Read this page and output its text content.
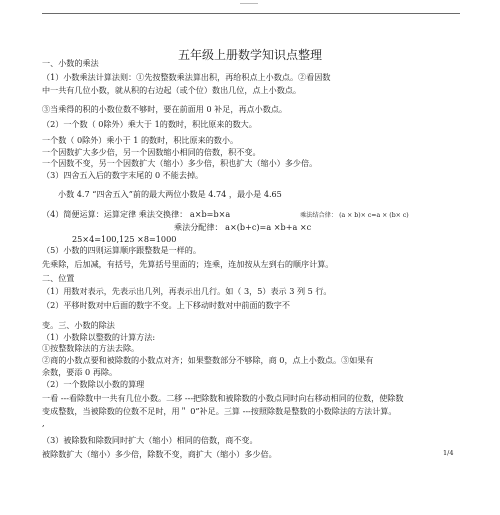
五年级上册数学知识点整理
一、小数的乘法
（1）小数乘法计算法则：①先按整数乘法算出积，再给积点上小数点。②看因数
中一共有几位小数，就从积的右边起（或个位）数出几位，点上小数点。
③当乘得的积的小数位数不够时，要在前面用 0 补足，再点小数点。
（2）一个数（ 0除外）乘大于 1的数时，积比原来的数大。
一个数（ 0除外）乘小于 1 的数时，积比原来的数小。
一个因数扩大多少倍，另一个因数缩小相同的倍数，积不变。
一个因数不变，另一个因数扩大（缩小）多少倍，积也扩大（缩小）多少倍。
（3）四舍五入后的数字末尾的 0 不能去掉。
小数 4.7 “四舍五入”前的最大两位小数是 4.74 ，最小是 4.65
（4）简便运算：运算定律 乘法交换律： a×b=b×a	乘法结合律： (a × b)× c=a × (b× c)
乘法分配律： a×(b+c)=a ×b+a ×c
25×4=100,125 ×8=1000
（5）小数的四则运算顺序跟整数是一样的。
先乘除，后加减，有括号，先算括号里面的；连乘，连加按从左到右的顺序计算。
二、位置
（1）用数对表示，先表示出几列，再表示出几行。如（ 3，5）表示 3 列 5 行。
（2）平移时数对中后面的数字不变。上下移动时数对中前面的数字不
变。三、小数的除法
（1）小数除以整数的计算方法:
①按整数除法的方法去除。
②商的小数点要和被除数的小数点对齐；如果整数部分不够除，商 0，点上小数点。③如果有
余数，要添 0 再除。
（2）一个数除以小数的算理
一看 ---看除数中一共有几位小数。二移 ---把除数和被除数的小数点同时向右移动相同的位数，使除数
变成整数，当被除数的位数不足时，用＂ 0”补足。三算 ---按照除数是整数的小数除法的方法计算。
,
（3）被除数和除数同时扩大（缩小）相同的倍数，商不变。
被除数扩大（缩小）多少倍，除数不变，商扩大（缩小）多少倍。	1/4
